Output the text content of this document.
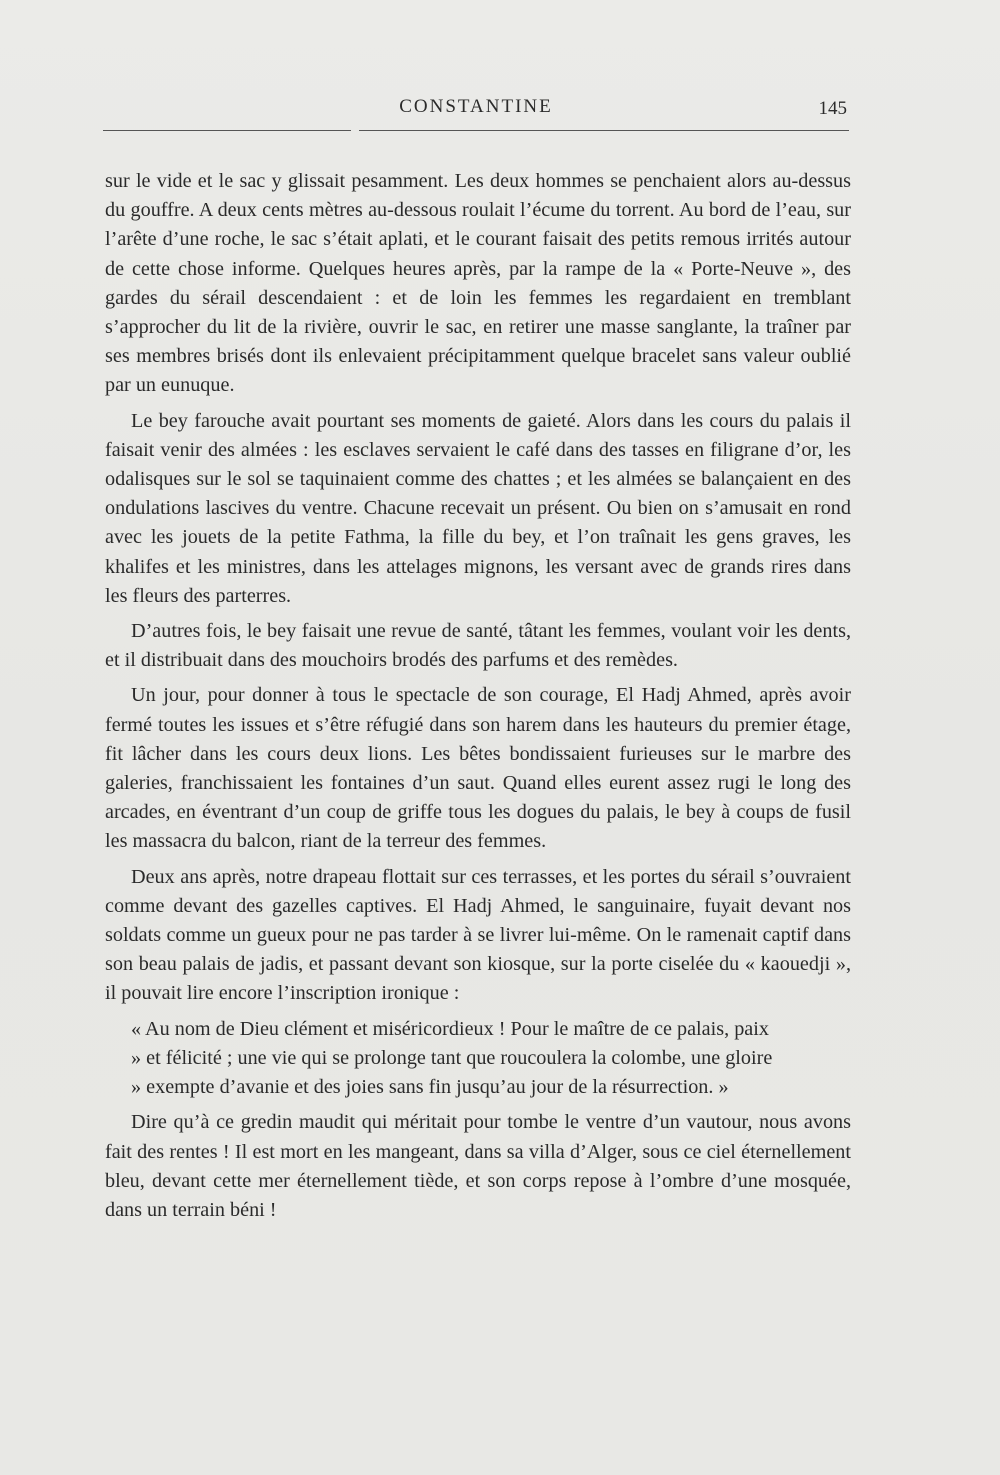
CONSTANTINE	145

sur le vide et le sac y glissait pesamment. Les deux hommes se penchaient alors au-dessus du gouffre. A deux cents mètres au-dessous roulait l’écume du torrent. Au bord de l’eau, sur l’arête d’une roche, le sac s’était aplati, et le courant faisait des petits remous irrités autour de cette chose informe. Quelques heures après, par la rampe de la « Porte-Neuve », des gardes du sérail descendaient : et de loin les femmes les regardaient en tremblant s’approcher du lit de la rivière, ouvrir le sac, en retirer une masse sanglante, la traîner par ses membres brisés dont ils enlevaient précipitamment quelque bracelet sans valeur oublié par un eunuque.

Le bey farouche avait pourtant ses moments de gaieté. Alors dans les cours du palais il faisait venir des almées : les esclaves servaient le café dans des tasses en filigrane d’or, les odalisques sur le sol se taquinaient comme des chattes ; et les almées se balançaient en des ondulations lascives du ventre. Chacune recevait un présent. Ou bien on s’amusait en rond avec les jouets de la petite Fathma, la fille du bey, et l’on traînait les gens graves, les khalifes et les ministres, dans les attelages mignons, les versant avec de grands rires dans les fleurs des parterres.

D’autres fois, le bey faisait une revue de santé, tâtant les femmes, voulant voir les dents, et il distribuait dans des mouchoirs brodés des parfums et des remèdes.

Un jour, pour donner à tous le spectacle de son courage, El Hadj Ahmed, après avoir fermé toutes les issues et s’être réfugié dans son harem dans les hauteurs du premier étage, fit lâcher dans les cours deux lions. Les bêtes bondissaient furieuses sur le marbre des galeries, franchissaient les fontaines d’un saut. Quand elles eurent assez rugi le long des arcades, en éventrant d’un coup de griffe tous les dogues du palais, le bey à coups de fusil les massacra du balcon, riant de la terreur des femmes.

Deux ans après, notre drapeau flottait sur ces terrasses, et les portes du sérail s’ouvraient comme devant des gazelles captives. El Hadj Ahmed, le sanguinaire, fuyait devant nos soldats comme un gueux pour ne pas tarder à se livrer lui-même. On le ramenait captif dans son beau palais de jadis, et passant devant son kiosque, sur la porte ciselée du « kaouedji », il pouvait lire encore l’inscription ironique :

« Au nom de Dieu clément et miséricordieux ! Pour le maître de ce palais, paix
» et félicité ; une vie qui se prolonge tant que roucoulera la colombe, une gloire
» exempte d’avanie et des joies sans fin jusqu’au jour de la résurrection. »

Dire qu’à ce gredin maudit qui méritait pour tombe le ventre d’un vautour, nous avons fait des rentes ! Il est mort en les mangeant, dans sa villa d’Alger, sous ce ciel éternellement bleu, devant cette mer éternellement tiède, et son corps repose à l’ombre d’une mosquée, dans un terrain béni !
